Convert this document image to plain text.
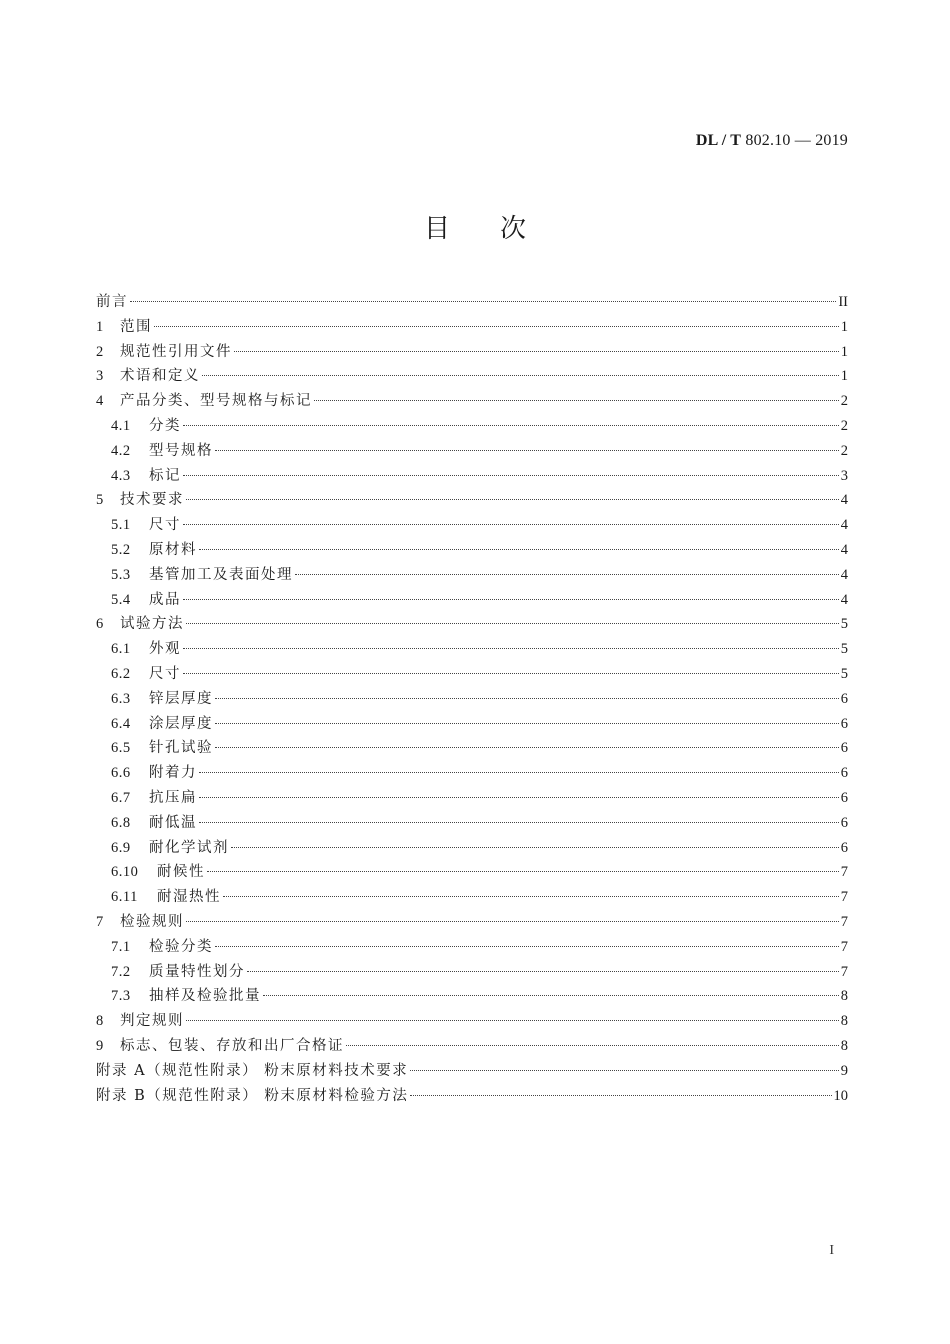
DL / T 802.10 — 2019
目 次
前言	II
1	范围	1
2	规范性引用文件	1
3	术语和定义	1
4	产品分类、型号规格与标记	2
4.1	分类	2
4.2	型号规格	2
4.3	标记	3
5	技术要求	4
5.1	尺寸	4
5.2	原材料	4
5.3	基管加工及表面处理	4
5.4	成品	4
6	试验方法	5
6.1	外观	5
6.2	尺寸	5
6.3	锌层厚度	6
6.4	涂层厚度	6
6.5	针孔试验	6
6.6	附着力	6
6.7	抗压扁	6
6.8	耐低温	6
6.9	耐化学试剂	6
6.10	耐候性	7
6.11	耐湿热性	7
7	检验规则	7
7.1	检验分类	7
7.2	质量特性划分	7
7.3	抽样及检验批量	8
8	判定规则	8
9	标志、包装、存放和出厂合格证	8
附录 A（规范性附录） 粉末原材料技术要求	9
附录 B（规范性附录） 粉末原材料检验方法	10
I
